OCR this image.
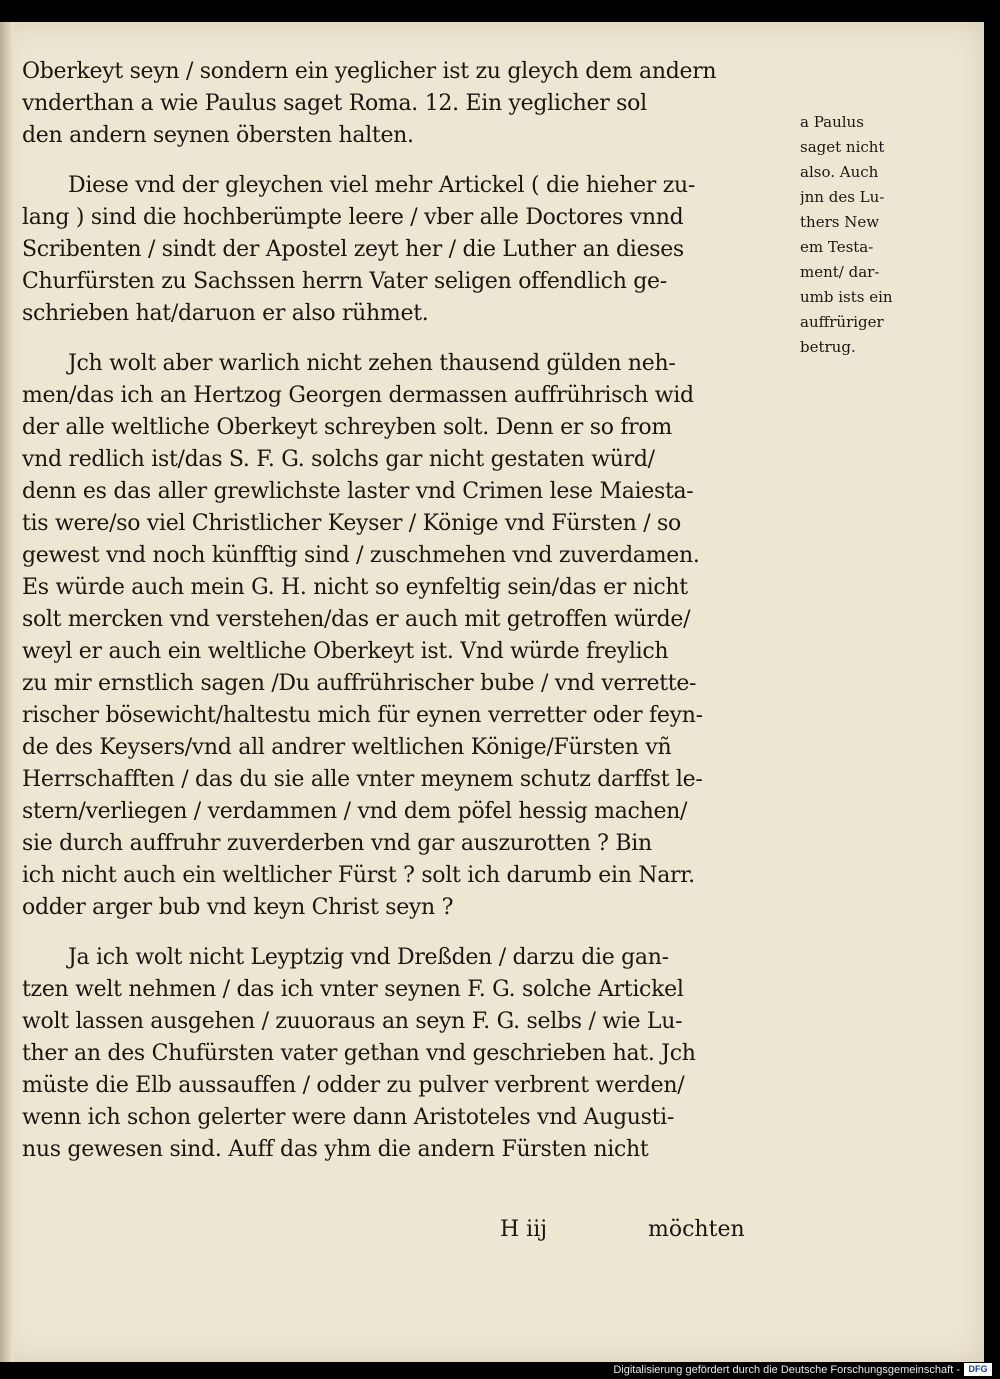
Oberkeyt seyn / sondern ein yeglicher ist zu gleych dem andern
vnderthan a wie Paulus saget Roma. 12. Ein yeglicher sol
den andern seynen öbersten halten.
Diese vnd der gleychen viel mehr Artickel ( die hieher zu-
lang ) sind die hochberümpte leere / vber alle Doctores vnnd
Scribenten / sindt der Apostel zeyt her / die Luther an dieses
Churfürsten zu Sachssen herrn Vater seligen offendlich ge-
schrieben hat/daruon er also rühmet.
Jch wolt aber warlich nicht zehen thausend gülden neh-
men/das ich an Hertzog Georgen dermassen auffrührisch wid
der alle weltliche Oberkeyt schreyben solt. Denn er so from
vnd redlich ist/das S. F. G. solchs gar nicht gestaten würd/
denn es das aller grewlichste laster vnd Crimen lese Maiesta-
tis were/so viel Christlicher Keyser / Könige vnd Fürsten / so
gewest vnd noch künfftig sind / zuschmehen vnd zuverdamen.
Es würde auch mein G. H. nicht so eynfeltig sein/das er nicht
solt mercken vnd verstehen/das er auch mit getroffen würde/
weyl er auch ein weltliche Oberkeyt ist. Vnd würde freylich
zu mir ernstlich sagen /Du auffrührischer bube / vnd verrette-
rischer bösewicht/haltestu mich für eynen verretter oder feyn-
de des Keysers/vnd all andrer weltlichen Könige/Fürsten vñ
Herrschafften / das du sie alle vnter meynem schutz darffst le-
stern/verliegen / verdammen / vnd dem pöfel hessig machen/
sie durch auffruhr zuverderben vnd gar auszurotten ? Bin
ich nicht auch ein weltlicher Fürst ? solt ich darumb ein Narr.
odder arger bub vnd keyn Christ seyn ?
Ja ich wolt nicht Leyptzig vnd Dreßden / darzu die gan-
tzen welt nehmen / das ich vnter seynen F. G. solche Artickel
wolt lassen ausgehen / zuuoraus an seyn F. G. selbs / wie Lu-
ther an des Chufürsten vater gethan vnd geschrieben hat. Jch
müste die Elb aussauffen / odder zu pulver verbrent werden/
wenn ich schon gelerter were dann Aristoteles vnd Augusti-
nus gewesen sind. Auff das yhm die andern Fürsten nicht
a Paulus
saget nicht
also. Auch
jnn des Lu-
thers New
em Testa-
ment/ dar-
umb ists ein
auffrüriger
betrug.
H iij	möchten
Digitalisierung gefördert durch die Deutsche Forschungsgemeinschaft - DFG
